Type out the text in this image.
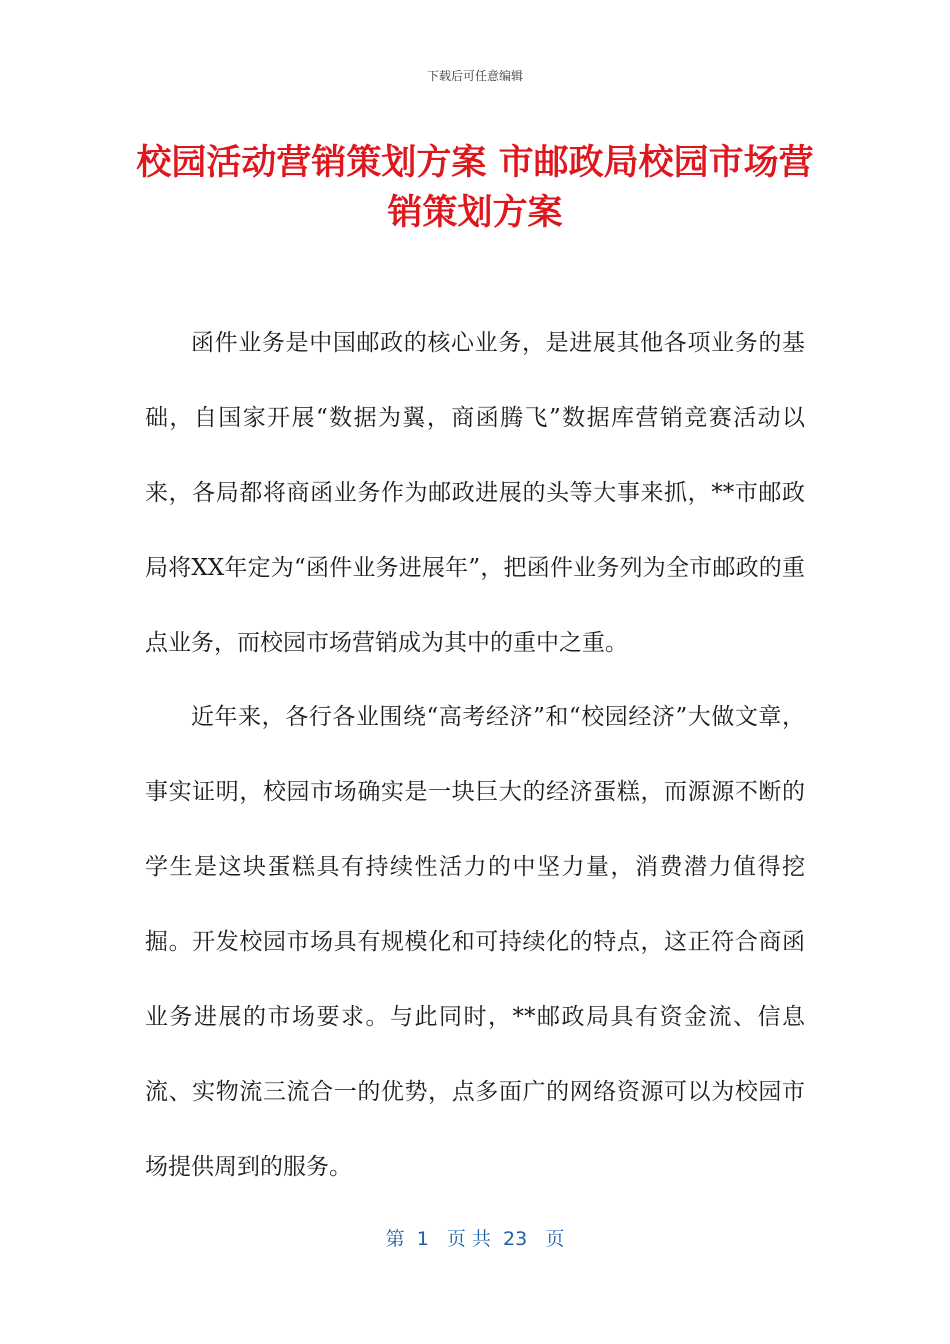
下载后可任意编辑
校园活动营销策划方案 市邮政局校园市场营销策划方案

函件业务是中国邮政的核心业务，是进展其他各项业务的基础，自国家开展“数据为翼，商函腾飞”数据库营销竞赛活动以来，各局都将商函业务作为邮政进展的头等大事来抓，**市邮政局将XX年定为“函件业务进展年”，把函件业务列为全市邮政的重点业务，而校园市场营销成为其中的重中之重。

近年来，各行各业围绕“高考经济”和“校园经济”大做文章，事实证明，校园市场确实是一块巨大的经济蛋糕，而源源不断的学生是这块蛋糕具有持续性活力的中坚力量，消费潜力值得挖掘。开发校园市场具有规模化和可持续化的特点，这正符合商函业务进展的市场要求。与此同时，**邮政局具有资金流、信息流、实物流三流合一的优势，点多面广的网络资源可以为校园市场提供周到的服务。

第  1   页 共  23   页
